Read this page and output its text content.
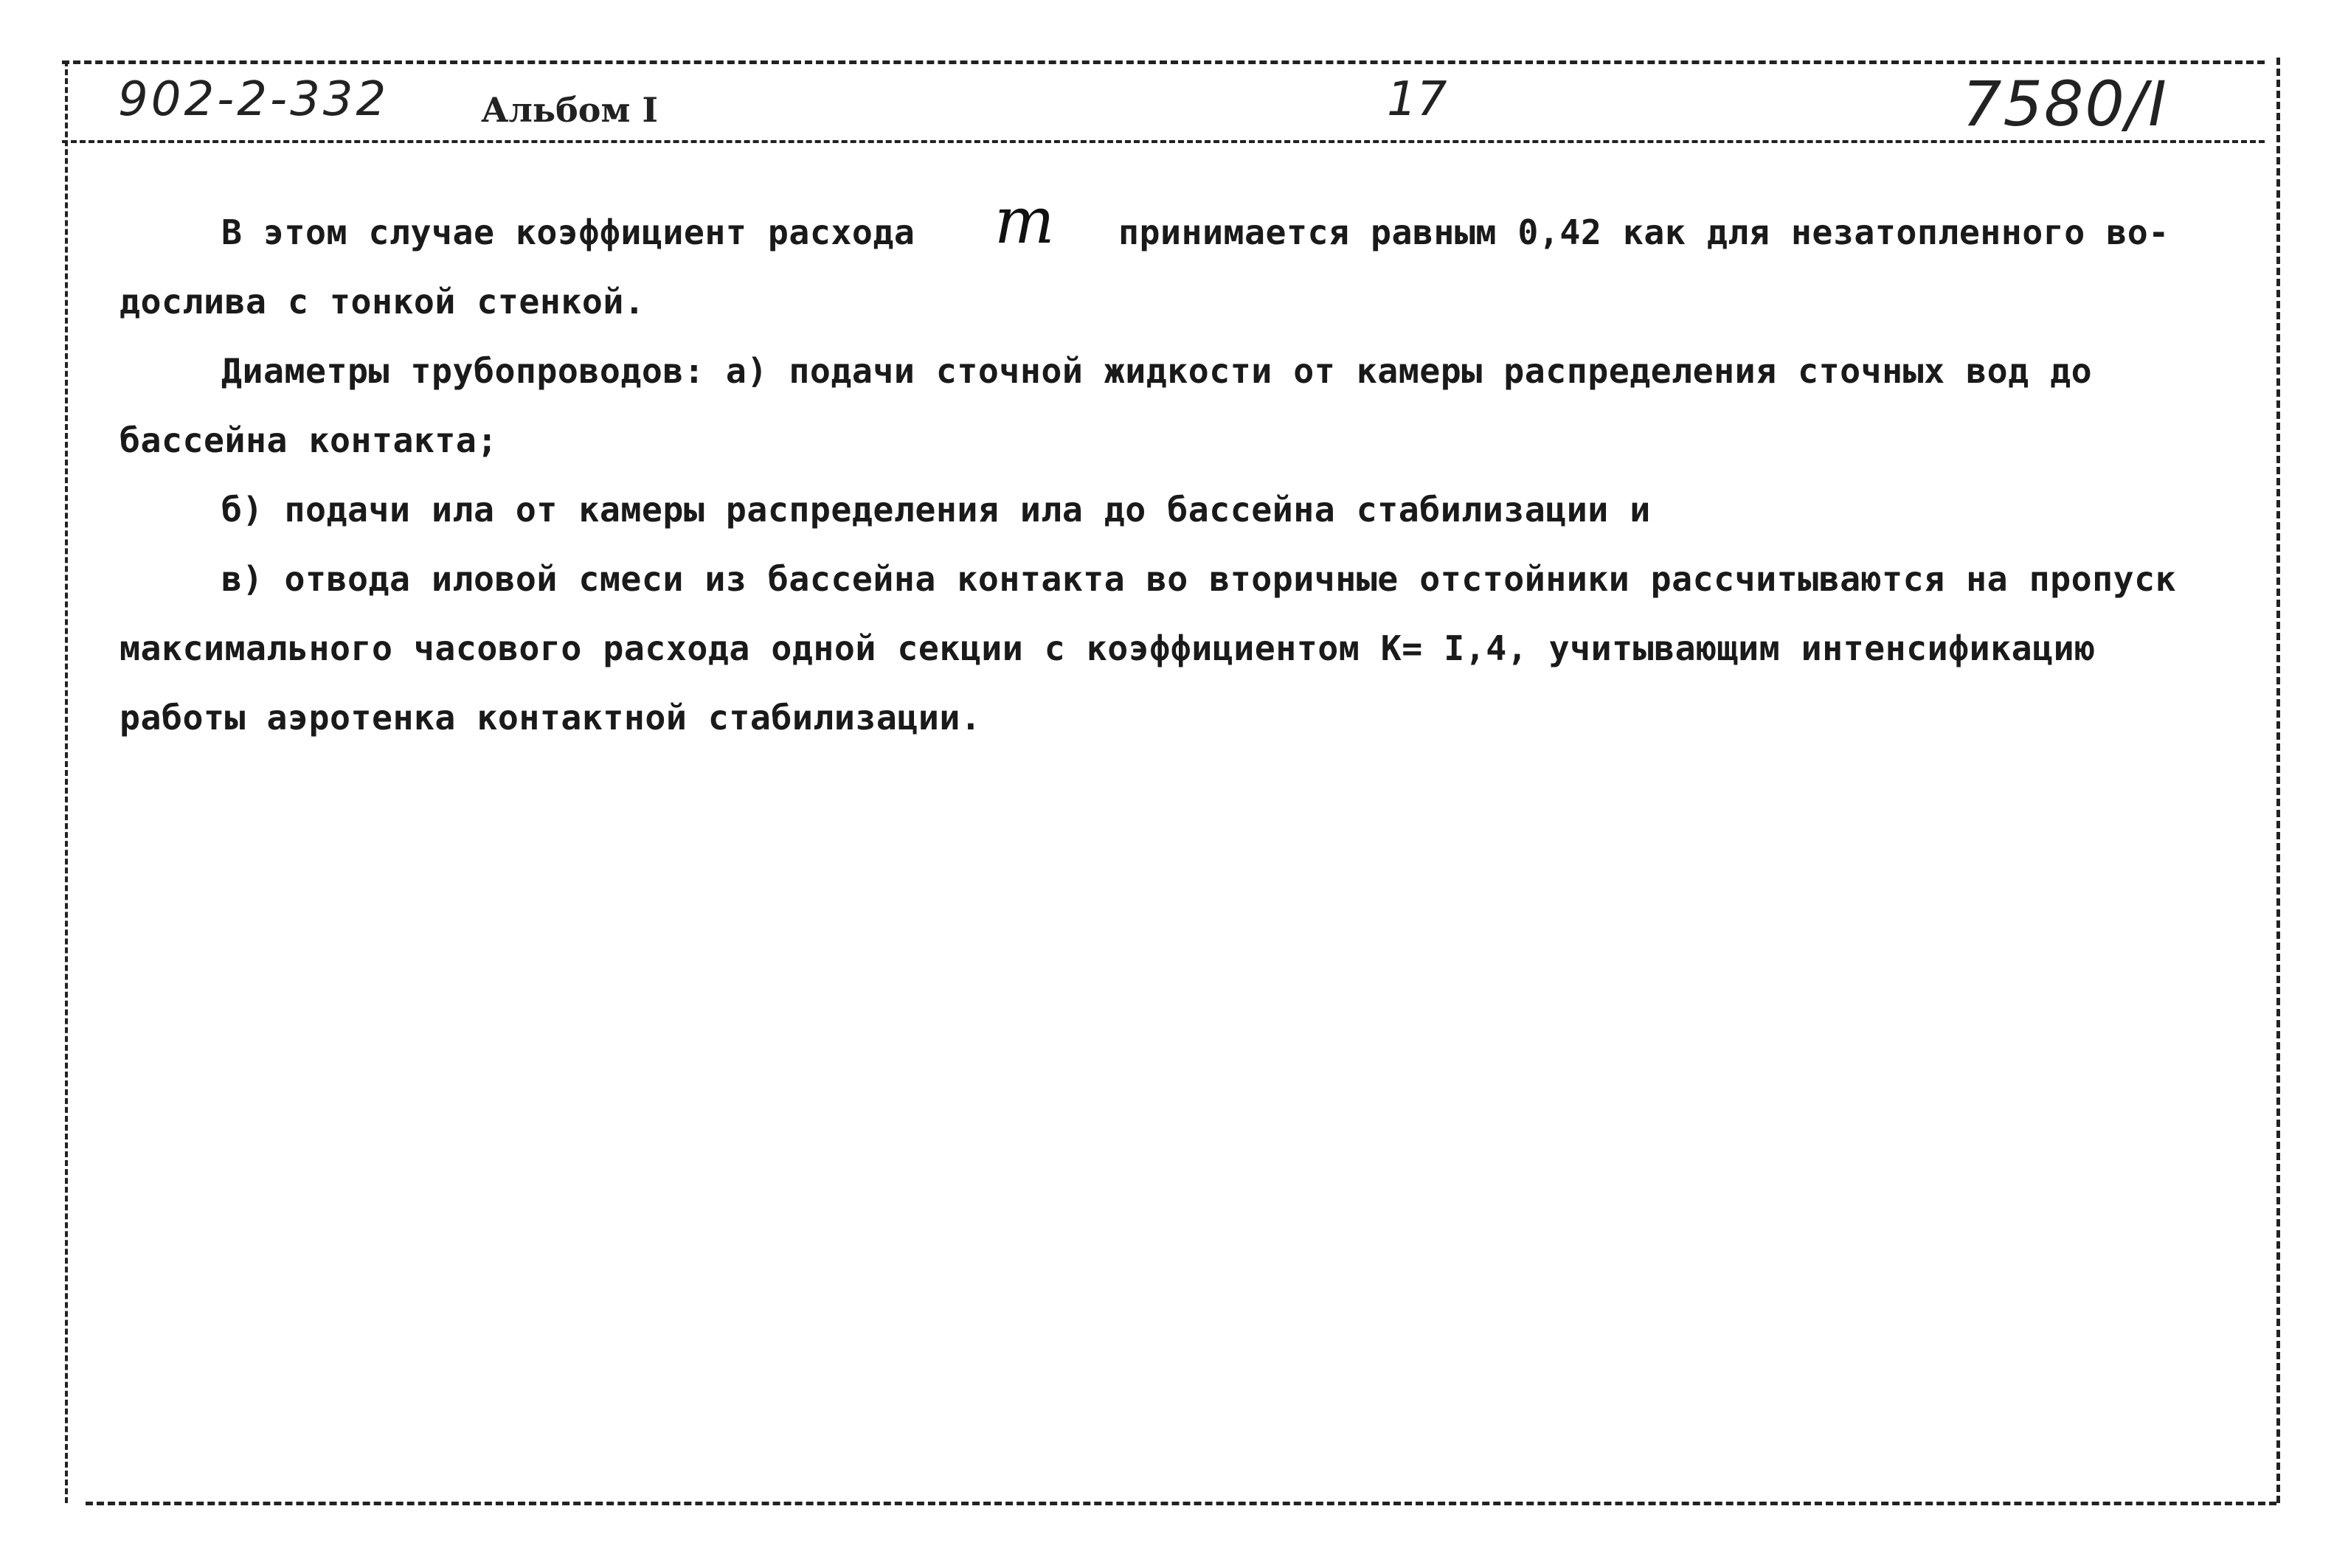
902-2-332	Альбом I	17	7580/I
В этом случае коэффициент расхода m принимается равным 0,42 как для незатопленного во-
дослива с тонкой стенкой.
Диаметры трубопроводов: а) подачи сточной жидкости от камеры распределения сточных вод до
бассейна контакта;
б) подачи ила от камеры распределения ила до бассейна стабилизации и
в) отвода иловой смеси из бассейна контакта во вторичные отстойники рассчитываются на пропуск
максимального часового расхода одной секции с коэффициентом К= I,4, учитывающим интенсификацию
работы аэротенка контактной стабилизации.
